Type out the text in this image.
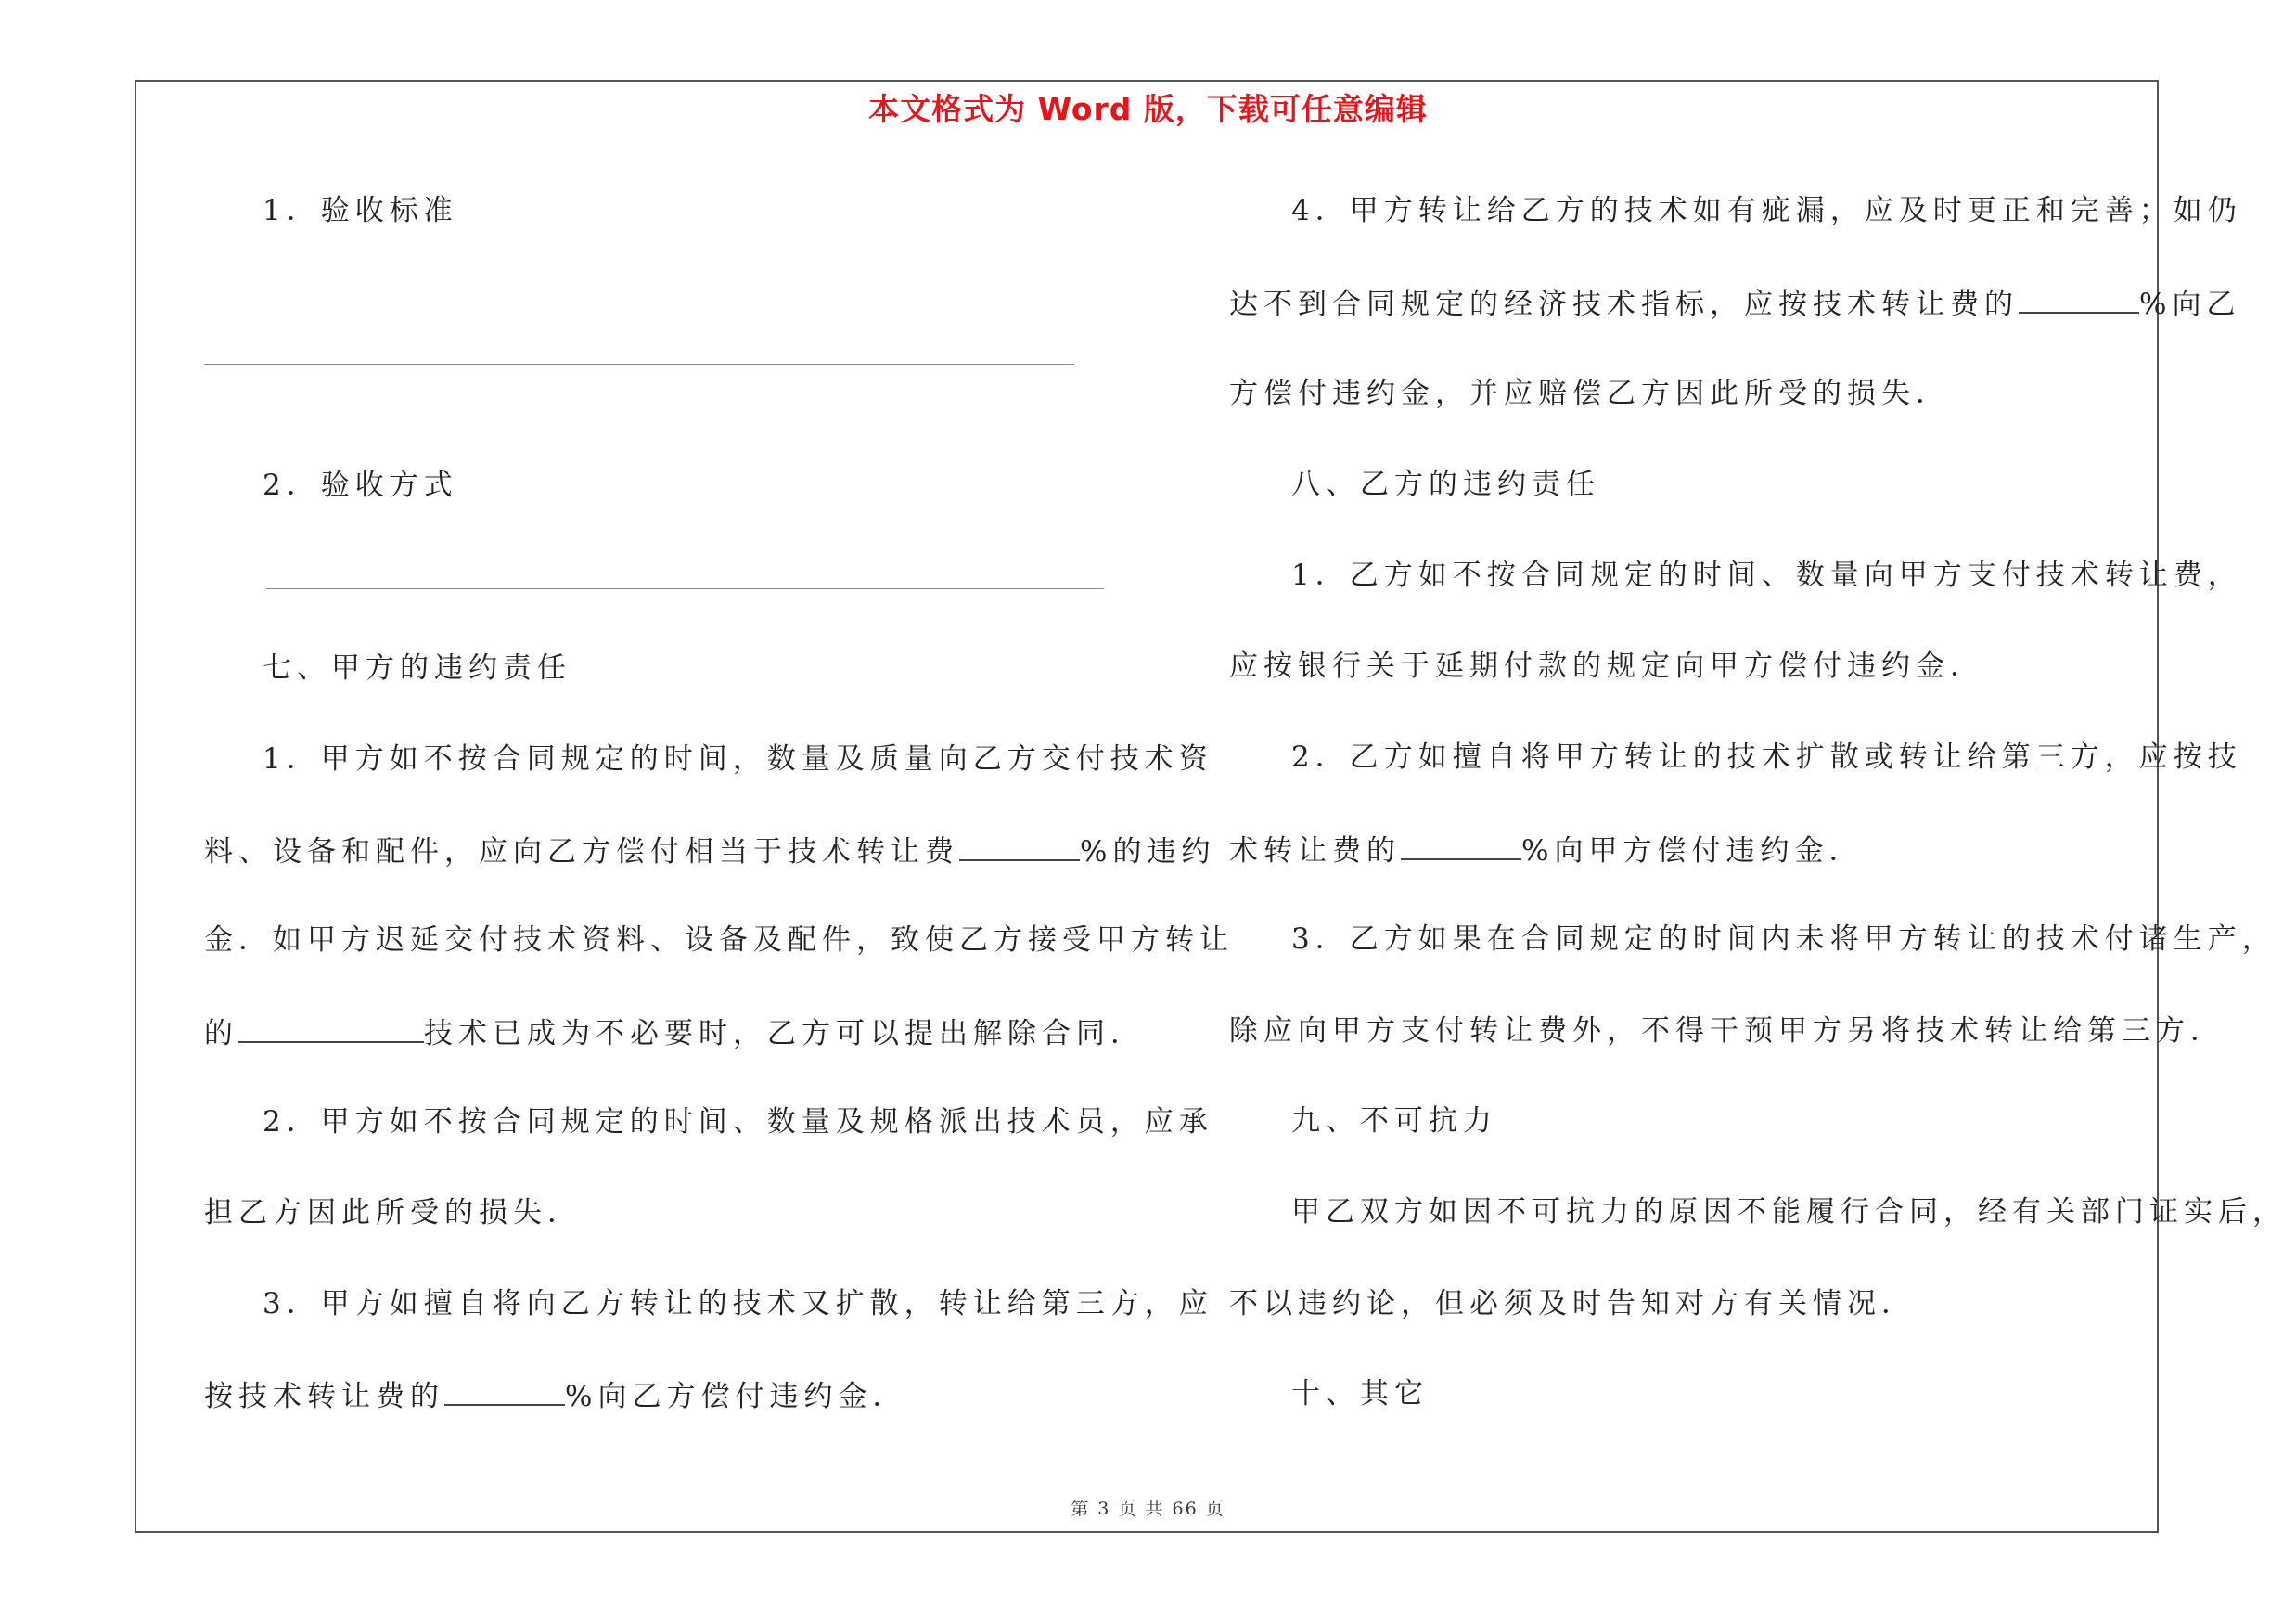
本文格式为 Word 版，下载可任意编辑
1．验收标准
2．验收方式
七、甲方的违约责任
1．甲方如不按合同规定的时间，数量及质量向乙方交付技术资
料、设备和配件，应向乙方偿付相当于技术转让费	%的违约
金．如甲方迟延交付技术资料、设备及配件，致使乙方接受甲方转让
的	技术已成为不必要时，乙方可以提出解除合同．
2．甲方如不按合同规定的时间、数量及规格派出技术员，应承
担乙方因此所受的损失．
3．甲方如擅自将向乙方转让的技术又扩散，转让给第三方，应
按技术转让费的	%向乙方偿付违约金．
4．甲方转让给乙方的技术如有疵漏，应及时更正和完善；如仍
达不到合同规定的经济技术指标，应按技术转让费的	%向乙
方偿付违约金，并应赔偿乙方因此所受的损失．
八、乙方的违约责任
1．乙方如不按合同规定的时间、数量向甲方支付技术转让费，
应按银行关于延期付款的规定向甲方偿付违约金．
2．乙方如擅自将甲方转让的技术扩散或转让给第三方，应按技
术转让费的	%向甲方偿付违约金．
3．乙方如果在合同规定的时间内未将甲方转让的技术付诸生产，
除应向甲方支付转让费外，不得干预甲方另将技术转让给第三方．
九、不可抗力
甲乙双方如因不可抗力的原因不能履行合同，经有关部门证实后，
不以违约论，但必须及时告知对方有关情况．
十、其它
第 3 页 共 66 页
